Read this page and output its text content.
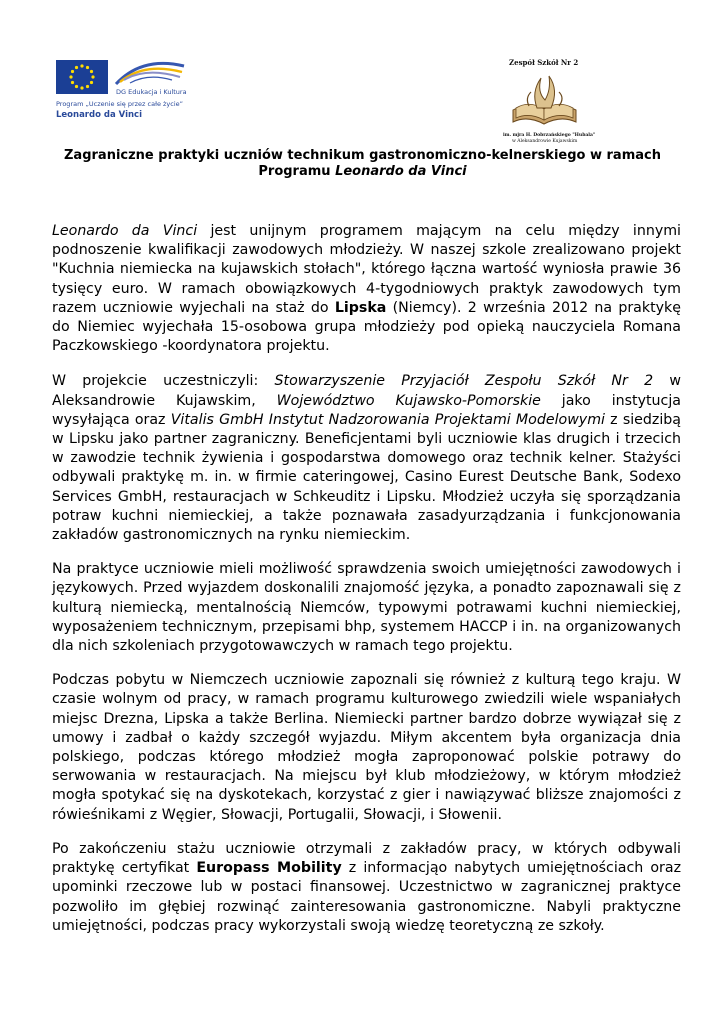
DG Edukacja i Kultura
Program „Uczenie się przez całe życie”
Leonardo da Vinci
Zespół Szkół Nr 2
im. mjra H. Dobrzańskiego "Hubala"
w Aleksandrowie Kujawskim
Zagraniczne praktyki uczniów technikum gastronomiczno-kelnerskiego w ramach
Programu Leonardo da Vinci

Leonardo da Vinci jest unijnym programem mającym na celu między innymi podnoszenie kwalifikacji zawodowych młodzieży. W naszej szkole zrealizowano projekt "Kuchnia niemiecka na kujawskich stołach", którego łączna wartość wyniosła prawie 36 tysięcy euro. W ramach obowiązkowych 4-tygodniowych praktyk zawodowych tym razem uczniowie wyjechali na staż do Lipska (Niemcy). 2 września 2012 na praktykę do Niemiec wyjechała 15-osobowa grupa młodzieży pod opieką nauczyciela Romana Paczkowskiego -koordynatora projektu.

W projekcie uczestniczyli: Stowarzyszenie Przyjaciół Zespołu Szkół Nr 2 w Aleksandrowie Kujawskim, Województwo Kujawsko-Pomorskie jako instytucja wysyłająca oraz Vitalis GmbH Instytut Nadzorowania Projektami Modelowymi z siedzibą w Lipsku jako partner zagraniczny. Beneficjentami byli uczniowie klas drugich i trzecich w zawodzie technik żywienia i gospodarstwa domowego oraz technik kelner. Stażyści odbywali praktykę m. in. w firmie cateringowej, Casino Eurest Deutsche Bank, Sodexo Services GmbH, restauracjach w Schkeuditz i Lipsku. Młodzież uczyła się sporządzania potraw kuchni niemieckiej, a także poznawała zasadyurządzania i funkcjonowania zakładów gastronomicznych na rynku niemieckim.

Na praktyce uczniowie mieli możliwość sprawdzenia swoich umiejętności zawodowych i językowych. Przed wyjazdem doskonalili znajomość języka, a ponadto zapoznawali się z kulturą niemiecką, mentalnością Niemców, typowymi potrawami kuchni niemieckiej, wyposażeniem technicznym, przepisami bhp, systemem HACCP i in. na organizowanych dla nich szkoleniach przygotowawczych w ramach tego projektu.

Podczas pobytu w Niemczech uczniowie zapoznali się również z kulturą tego kraju. W czasie wolnym od pracy, w ramach programu kulturowego zwiedzili wiele wspaniałych miejsc Drezna, Lipska a także Berlina. Niemiecki partner bardzo dobrze wywiązał się z umowy i zadbał o każdy szczegół wyjazdu. Miłym akcentem była organizacja dnia polskiego, podczas którego młodzież mogła zaproponować polskie potrawy do serwowania w restauracjach. Na miejscu był klub młodzieżowy, w którym młodzież mogła spotykać się na dyskotekach, korzystać z gier i nawiązywać bliższe znajomości z rówieśnikami z Węgier, Słowacji, Portugalii, Słowacji, i Słowenii.

Po zakończeniu stażu uczniowie otrzymali z zakładów pracy, w których odbywali praktykę certyfikat Europass Mobility z informacjąo nabytych umiejętnościach oraz upominki rzeczowe lub w postaci finansowej. Uczestnictwo w zagranicznej praktyce pozwoliło im głębiej rozwinąć zainteresowania gastronomiczne. Nabyli praktyczne umiejętności, podczas pracy wykorzystali swoją wiedzę teoretyczną ze szkoły.
